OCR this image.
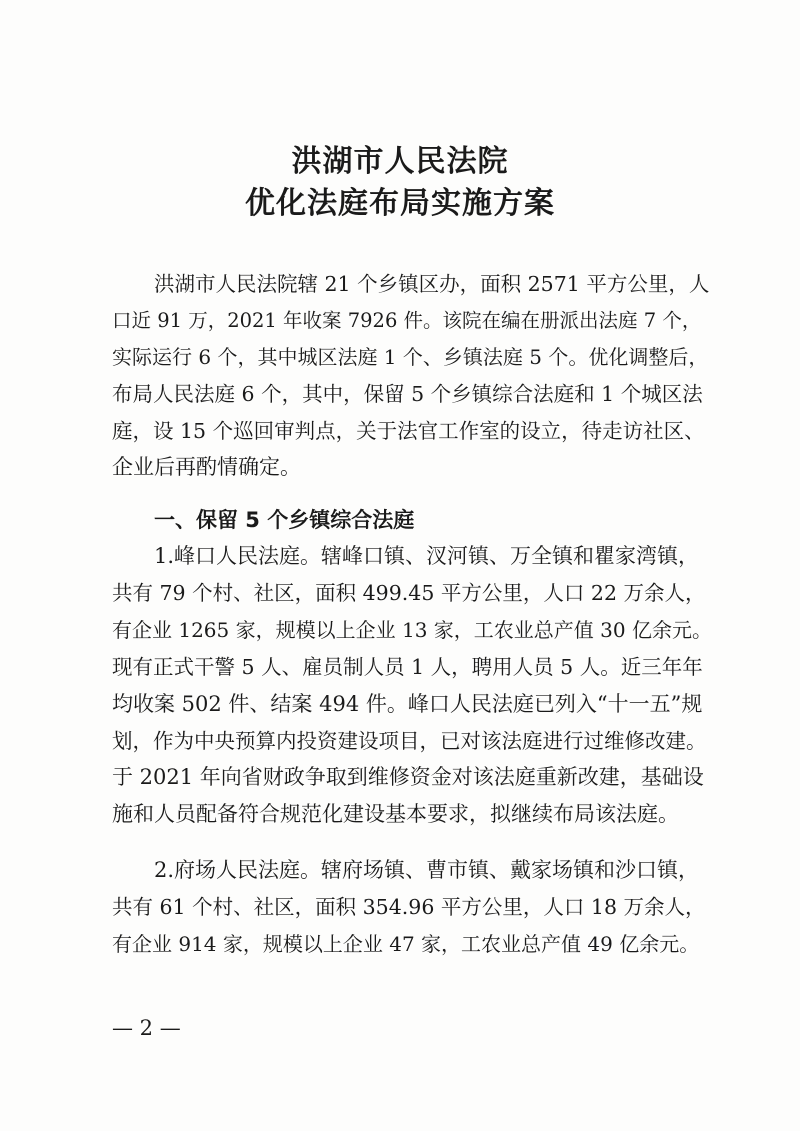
洪湖市人民法院
优化法庭布局实施方案
洪湖市人民法院辖 21 个乡镇区办，面积 2571 平方公里，人
口近 91 万，2021 年收案 7926 件。该院在编在册派出法庭 7 个，
实际运行 6 个，其中城区法庭 1 个、乡镇法庭 5 个。优化调整后，
布局人民法庭 6 个，其中，保留 5 个乡镇综合法庭和 1 个城区法
庭，设 15 个巡回审判点，关于法官工作室的设立，待走访社区、
企业后再酌情确定。
一、保留 5 个乡镇综合法庭
1.峰口人民法庭。辖峰口镇、汊河镇、万全镇和瞿家湾镇，
共有 79 个村、社区，面积 499.45 平方公里，人口 22 万余人，
有企业 1265 家，规模以上企业 13 家，工农业总产值 30 亿余元。
现有正式干警 5 人、雇员制人员 1 人，聘用人员 5 人。近三年年
均收案 502 件、结案 494 件。峰口人民法庭已列入“十一五”规
划，作为中央预算内投资建设项目，已对该法庭进行过维修改建。
于 2021 年向省财政争取到维修资金对该法庭重新改建，基础设
施和人员配备符合规范化建设基本要求，拟继续布局该法庭。
2.府场人民法庭。辖府场镇、曹市镇、戴家场镇和沙口镇，
共有 61 个村、社区，面积 354.96 平方公里，人口 18 万余人，
有企业 914 家，规模以上企业 47 家，工农业总产值 49 亿余元。
— 2 —
